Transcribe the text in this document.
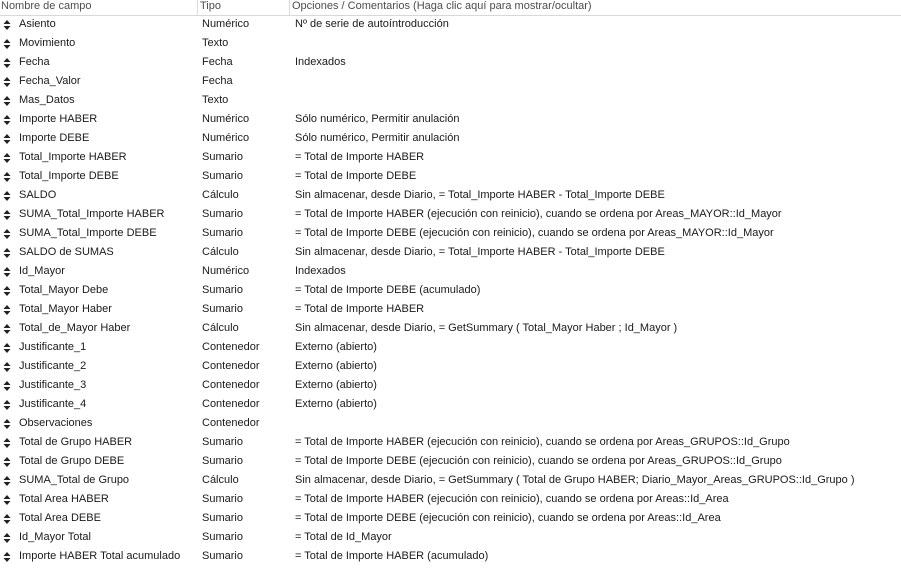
Nombre de campo	Tipo	Opciones / Comentarios (Haga clic aquí para mostrar/ocultar)
Asiento	Numérico	Nº de serie de autoíntroducción
Movimiento	Texto
Fecha	Fecha	Indexados
Fecha_Valor	Fecha
Mas_Datos	Texto
Importe HABER	Numérico	Sólo numérico, Permitir anulación
Importe DEBE	Numérico	Sólo numérico, Permitir anulación
Total_Importe HABER	Sumario	= Total de Importe HABER
Total_Importe DEBE	Sumario	= Total de Importe DEBE
SALDO	Cálculo	Sin almacenar, desde Diario, = Total_Importe HABER - Total_Importe DEBE
SUMA_Total_Importe HABER	Sumario	= Total de Importe HABER (ejecución con reinicio), cuando se ordena por Areas_MAYOR::Id_Mayor
SUMA_Total_Importe DEBE	Sumario	= Total de Importe DEBE (ejecución con reinicio), cuando se ordena por Areas_MAYOR::Id_Mayor
SALDO de SUMAS	Cálculo	Sin almacenar, desde Diario, = Total_Importe HABER - Total_Importe DEBE
Id_Mayor	Numérico	Indexados
Total_Mayor Debe	Sumario	= Total de Importe DEBE (acumulado)
Total_Mayor Haber	Sumario	= Total de Importe HABER
Total_de_Mayor Haber	Cálculo	Sin almacenar, desde Diario, = GetSummary ( Total_Mayor Haber ; Id_Mayor )
Justificante_1	Contenedor	Externo (abierto)
Justificante_2	Contenedor	Externo (abierto)
Justificante_3	Contenedor	Externo (abierto)
Justificante_4	Contenedor	Externo (abierto)
Observaciones	Contenedor
Total de Grupo HABER	Sumario	= Total de Importe HABER (ejecución con reinicio), cuando se ordena por Areas_GRUPOS::Id_Grupo
Total de Grupo DEBE	Sumario	= Total de Importe DEBE (ejecución con reinicio), cuando se ordena por Areas_GRUPOS::Id_Grupo
SUMA_Total de Grupo	Cálculo	Sin almacenar, desde Diario, = GetSummary ( Total de Grupo HABER; Diario_Mayor_Areas_GRUPOS::Id_Grupo )
Total Area HABER	Sumario	= Total de Importe HABER (ejecución con reinicio), cuando se ordena por Areas::Id_Area
Total Area DEBE	Sumario	= Total de Importe DEBE (ejecución con reinicio), cuando se ordena por Areas::Id_Area
Id_Mayor Total	Sumario	= Total de Id_Mayor
Importe HABER Total acumulado	Sumario	= Total de Importe HABER (acumulado)
